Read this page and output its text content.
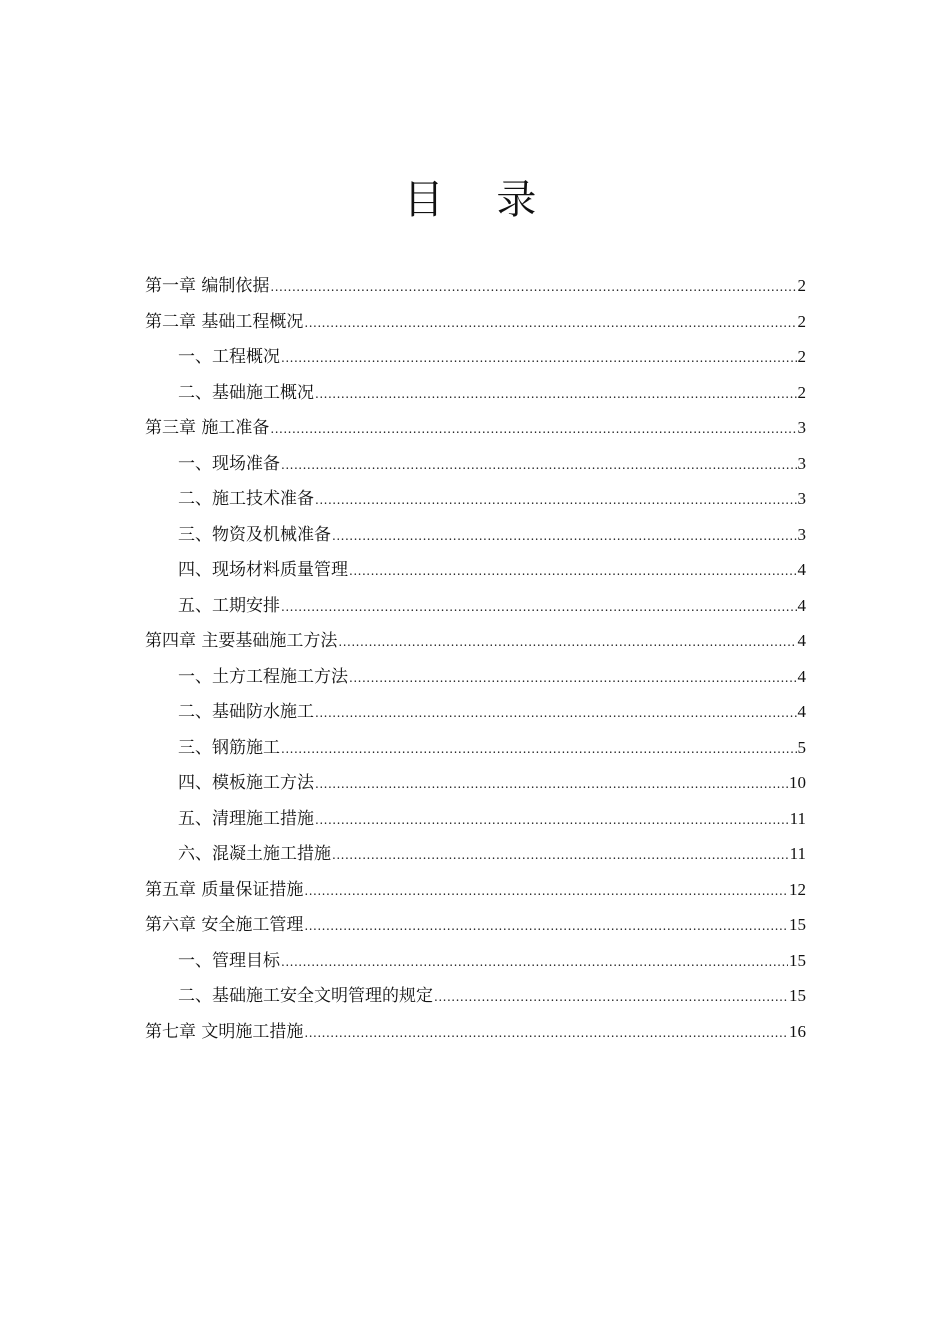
目 录
第一章 编制依据 .....	2
第二章 基础工程概况 .....	2
一、工程概况 .....	2
二、基础施工概况 .....	2
第三章 施工准备 .....	3
一、现场准备 .....	3
二、施工技术准备 .....	3
三、物资及机械准备 .....	3
四、现场材料质量管理 .....	4
五、工期安排 .....	4
第四章 主要基础施工方法 .....	4
一、土方工程施工方法 .....	4
二、基础防水施工 .....	4
三、钢筋施工 .....	5
四、模板施工方法 .....	10
五、清理施工措施 .....	11
六、混凝土施工措施 .....	11
第五章 质量保证措施 .....	12
第六章 安全施工管理 .....	15
一、管理目标 .....	15
二、基础施工安全文明管理的规定 .....	15
第七章 文明施工措施 .....	16
